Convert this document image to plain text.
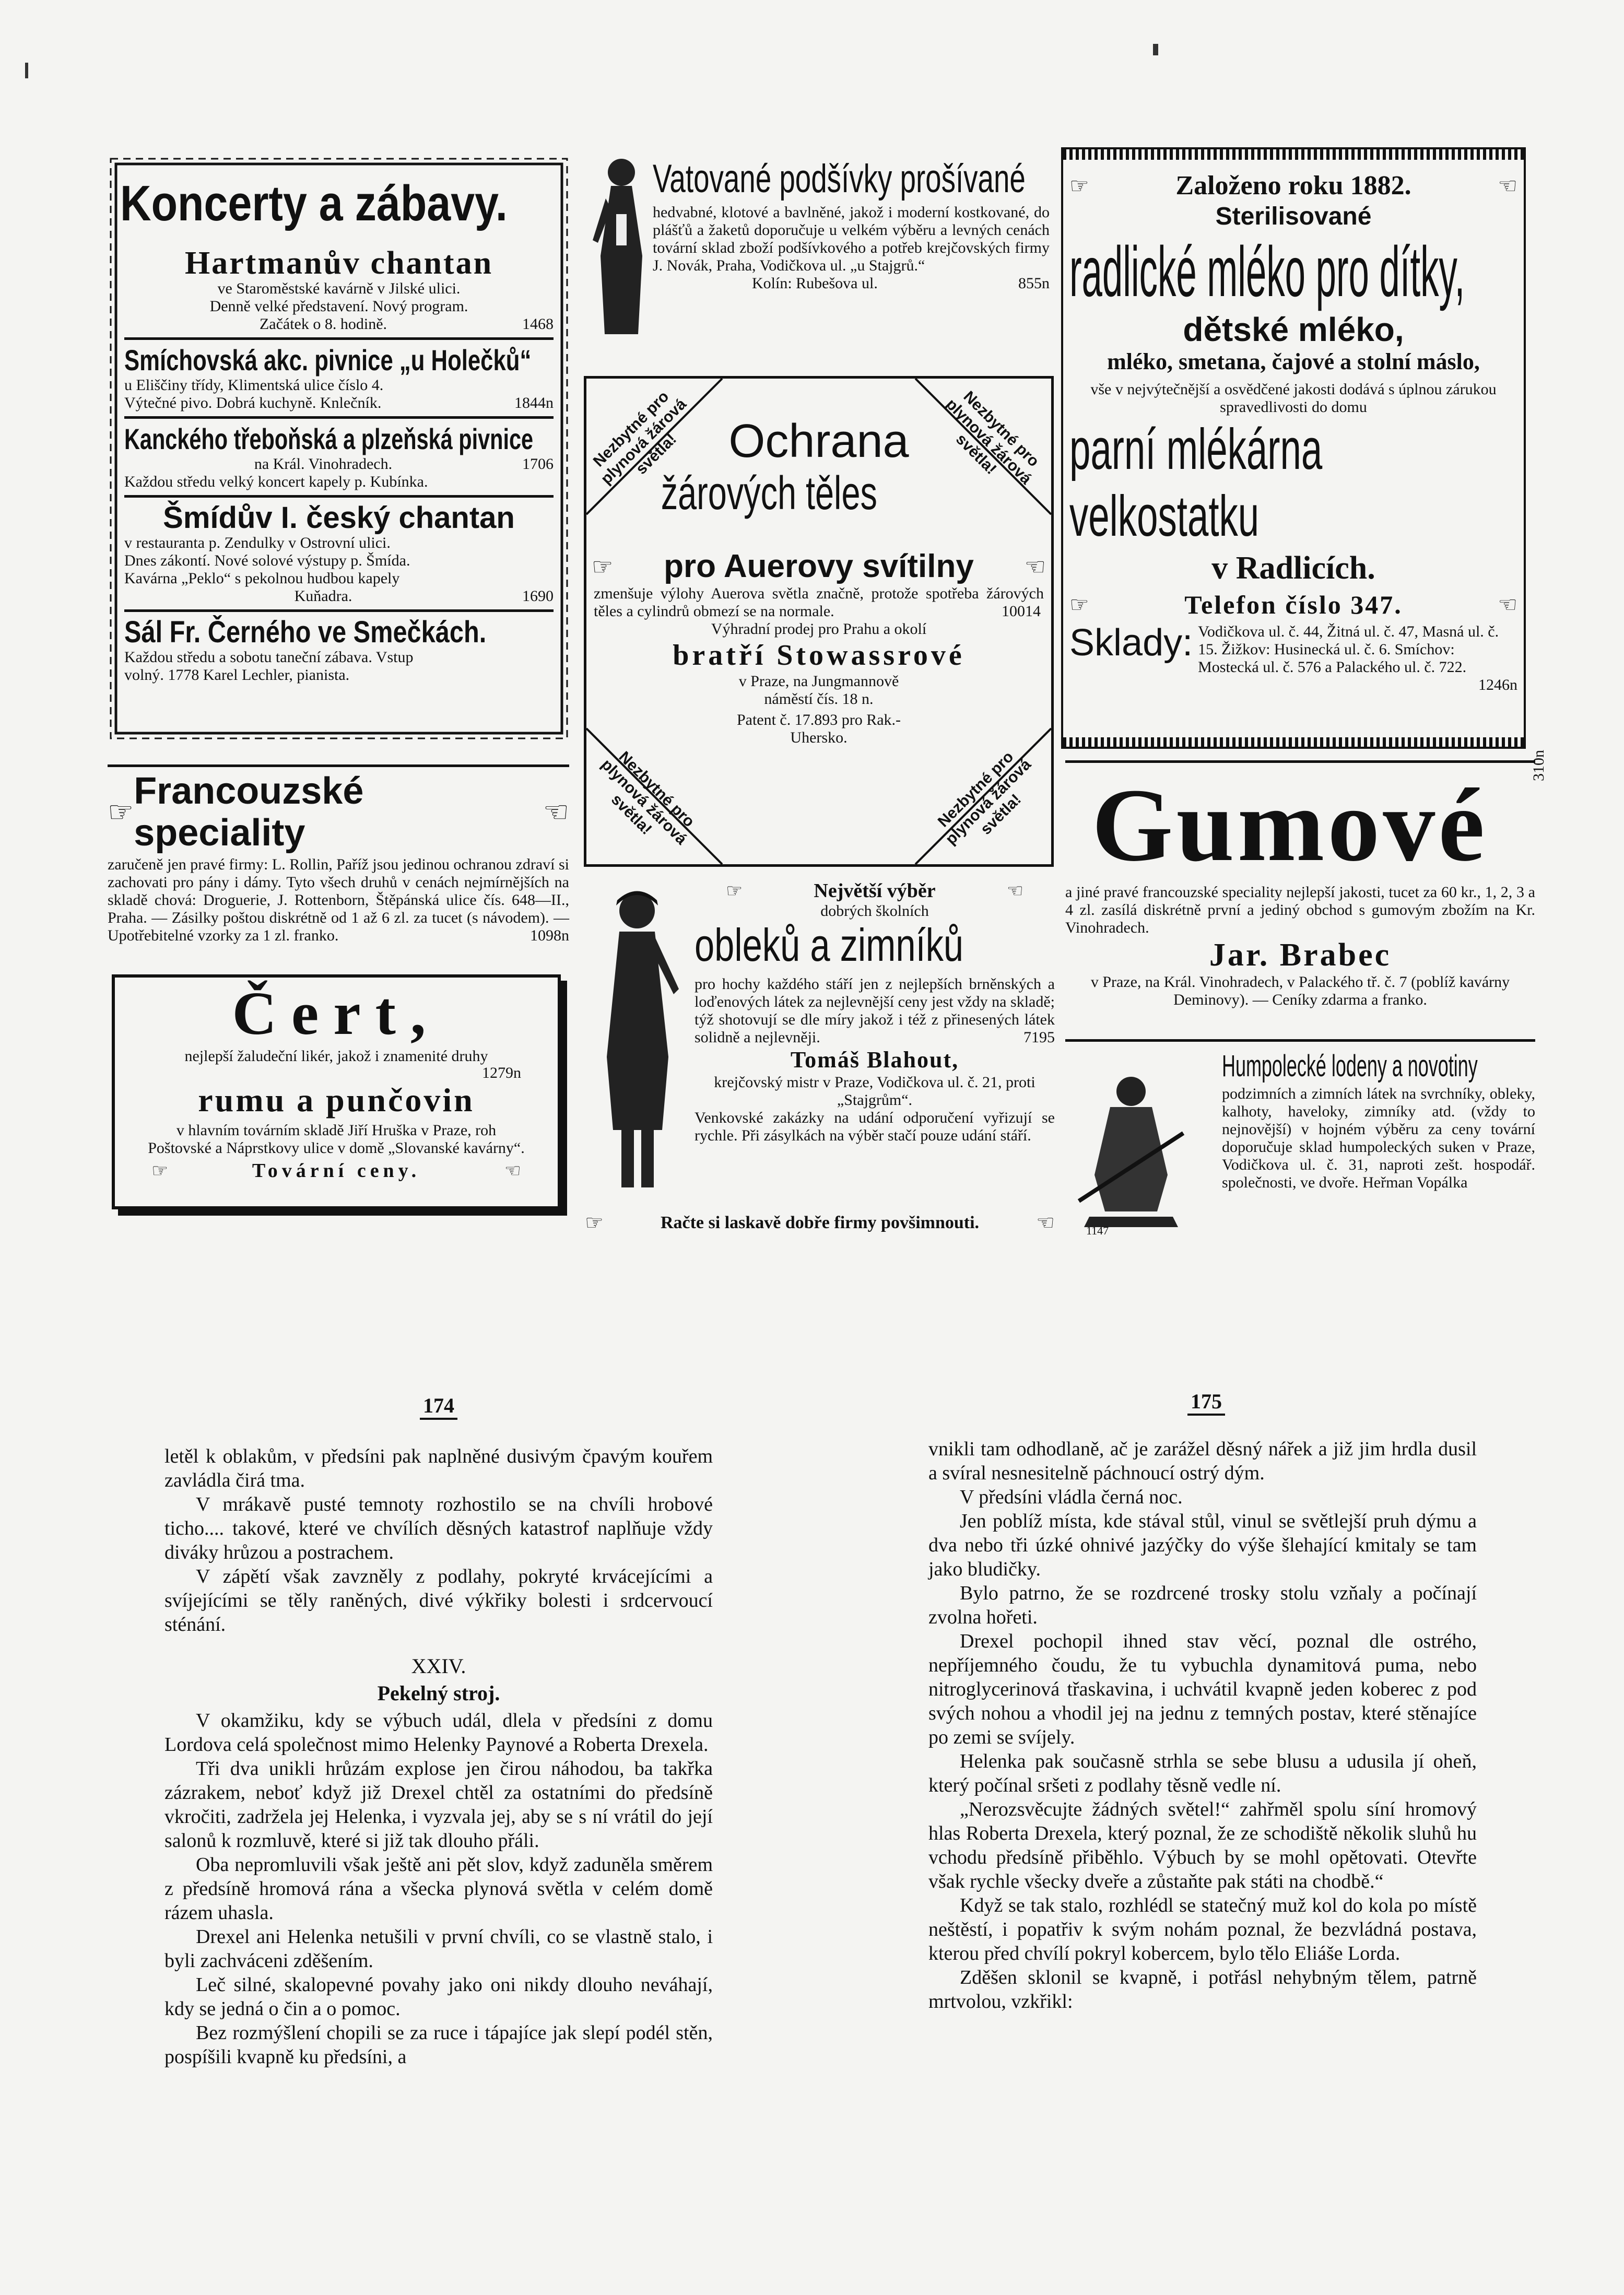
Koncerty a zábavy.
Hartmanův chantan
ve Staroměstské kavárně v Jilské ulici.
Denně velké představení. Nový program.
Začátek o 8. hodině.	1468
Smíchovská akc. pivnice „u Holečků“
u Eliščiny třídy, Klimentská ulice číslo 4.
Výtečné pivo. Dobrá kuchyně. Knlečník.	1844n
Kanckého třeboňská a plzeňská pivnice
na Král. Vinohradech.	1706
Každou středu velký koncert kapely p. Kubínka.
Šmídův I. český chantan
v restauranta p. Zendulky v Ostrovní ulici.
Dnes zákontí. Nové solové výstupy p. Šmída.
Kavárna „Peklo“ s pekolnou hudbou kapely
Kuňadra.	1690
Sál Fr. Černého ve Smečkách.
Každou středu a sobotu taneční zábava. Vstup
volný. 1778 Karel Lechler, pianista.
Vatované podšívky prošívané
hedvabné, klotové a bavlněné, jakož i moderní kostkované, do plášťů a žaketů doporučuje u velkém výběru a levných cenách tovární sklad zboží podšívkového a potřeb krejčovských firmy J. Novák, Praha, Vodičkova ul. „u Stajgrů.“
Kolín: Rubešova ul.	855n
Nezbytné pro plynová žárová světla!	Nezbytné pro plynová žárová světla!
Nezbytné pro plynová žárová světla!	Nezbytné pro plynová žárová světla!
Ochrana
žárových těles
☞ pro Auerovy svítilny ☜
zmenšuje výlohy Auerova světla značně, protože spotřeba žárových těles a cylindrů obmezí se na normale.	10014
Výhradní prodej pro Prahu a okolí
bratří Stowassrové
v Praze, na Jungmannově náměstí čís. 18 n.
Patent č. 17.893 pro Rak.-Uhersko.
☞	Založeno roku 1882.	☜
Sterilisované
radlické mléko pro dítky,
dětské mléko,
mléko, smetana, čajové a stolní máslo,
vše v nejvýtečnější a osvědčené jakosti dodává s úplnou zárukou spravedlivosti do domu
parní mlékárna velkostatku
v Radlicích.
☞	Telefon číslo 347.	☜
Sklady: Vodičkova ul. č. 44, Žitná ul. č. 47, Masná ul. č. 15. Žižkov: Husinecká ul. č. 6. Smíchov: Mostecká ul. č. 576 a Palackého ul. č. 722.
1246n
☞
Francouzské speciality	☜
zaručeně jen pravé firmy: L. Rollin, Paříž jsou jedinou ochranou zdraví si zachovati pro pány i dámy. Tyto všech druhů v cenách nejmírnějších na skladě chová: Droguerie, J. Rottenborn, Štěpánská ulice čís. 648—II., Praha. — Zásilky poštou diskrétně od 1 až 6 zl. za tucet (s návodem). — Upotřebitelné vzorky za 1 zl. franko.	1098n
Čert,
nejlepší žaludeční likér, jakož i znamenité druhy
1279n
rumu a punčovin
v hlavním továrním skladě Jiří Hruška v Praze, roh Poštovské a Náprstkovy ulice v domě „Slovanské kavárny“.
☞	Tovární ceny.	☜
☞	Největší výběr	☜
dobrých školních
obleků a zimníků
pro hochy každého stáří jen z nejlepších brněnských a loďenových látek za nejlevnější ceny jest vždy na skladě; týž shotovují se dle míry jakož i též z přinesených látek solidně a nejlevněji.	7195
Tomáš Blahout,
krejčovský mistr v Praze, Vodičkova ul. č. 21, proti „Stajgrům“.
Venkovské zakázky na udání odporučení vyřizují se rychle. Při zásylkách na výběr stačí pouze udání stáří.
☞	Račte si laskavě dobře firmy povšimnouti.	☜
Gumové
310n
a jiné pravé francouzské speciality nejlepší jakosti, tucet za 60 kr., 1, 2, 3 a 4 zl. zasílá diskrétně první a jediný obchod s gumovým zbožím na Kr. Vinohradech.
Jar. Brabec
v Praze, na Král. Vinohradech, v Palackého tř. č. 7 (poblíž kavárny Deminovy). — Ceníky zdarma a franko.
1147
Humpolecké lodeny a novotiny
podzimních a zimních látek na svrchníky, obleky, kalhoty, haveloky, zimníky atd. (vždy to nejnovější) v hojném výběru za ceny tovární doporučuje sklad humpoleckých suken v Praze, Vodičkova ul. č. 31, naproti zešt. hospodář. společnosti, ve dvoře. Heřman Vopálka
174	175

letěl k oblakům, v předsíni pak naplněné dusivým čpavým kouřem zavládla čirá tma.

V mrákavě pusté temnoty rozhostilo se na chvíli hrobové ticho.... takové, které ve chvílích děsných katastrof naplňuje vždy diváky hrůzou a postrachem.

V zápětí však zavzněly z podlahy, pokryté krvácejícími a svíjejícími se těly raněných, divé výkřiky bolesti i srdcervoucí sténání.

XXIV.
Pekelný stroj.

V okamžiku, kdy se výbuch udál, dlela v předsíni z domu Lordova celá společnost mimo Helenky Paynové a Roberta Drexela.

Tři dva unikli hrůzám explose jen čirou náhodou, ba takřka zázrakem, neboť když již Drexel chtěl za ostatními do předsíně vkročiti, zadržela jej Helenka, i vyzvala jej, aby se s ní vrátil do její salonů k rozmluvě, které si již tak dlouho přáli.

Oba nepromluvili však ještě ani pět slov, když zaduněla směrem z předsíně hromová rána a všecka plynová světla v celém domě rázem uhasla.

Drexel ani Helenka netušili v první chvíli, co se vlastně stalo, i byli zachváceni zděšením.

Leč silné, skalopevné povahy jako oni nikdy dlouho neváhají, kdy se jedná o čin a o pomoc.

Bez rozmýšlení chopili se za ruce i tápajíce jak slepí podél stěn, pospíšili kvapně ku předsíni, a

vnikli tam odhodlaně, ač je zarážel děsný nářek a již jim hrdla dusil a svíral nesnesitelně páchnoucí ostrý dým.

V předsíni vládla černá noc.

Jen poblíž místa, kde stával stůl, vinul se světlejší pruh dýmu a dva nebo tři úzké ohnivé jazýčky do výše šlehající kmitaly se tam jako bludičky.

Bylo patrno, že se rozdrcené trosky stolu vzňaly a počínají zvolna hořeti.

Drexel pochopil ihned stav věcí, poznal dle ostrého, nepříjemného čoudu, že tu vybuchla dynamitová puma, nebo nitroglycerinová třaskavina, i uchvátil kvapně jeden koberec z pod svých nohou a vhodil jej na jednu z temných postav, které stěnajíce po zemi se svíjely.

Helenka pak současně strhla se sebe blusu a udusila jí oheň, který počínal sršeti z podlahy těsně vedle ní.

„Nerozsvěcujte žádných světel!“ zahřměl spolu síní hromový hlas Roberta Drexela, který poznal, že ze schodiště několik sluhů hu vchodu předsíně přiběhlo. Výbuch by se mohl opětovati. Otevřte však rychle všecky dveře a zůstaňte pak státi na chodbě.“

Když se tak stalo, rozhlédl se statečný muž kol do kola po místě neštěstí, i popatřiv k svým nohám poznal, že bezvládná postava, kterou před chvílí pokryl kobercem, bylo tělo Eliáše Lorda.

Zděšen sklonil se kvapně, i potřásl nehybným tělem, patrně mrtvolou, vzkřikl:
